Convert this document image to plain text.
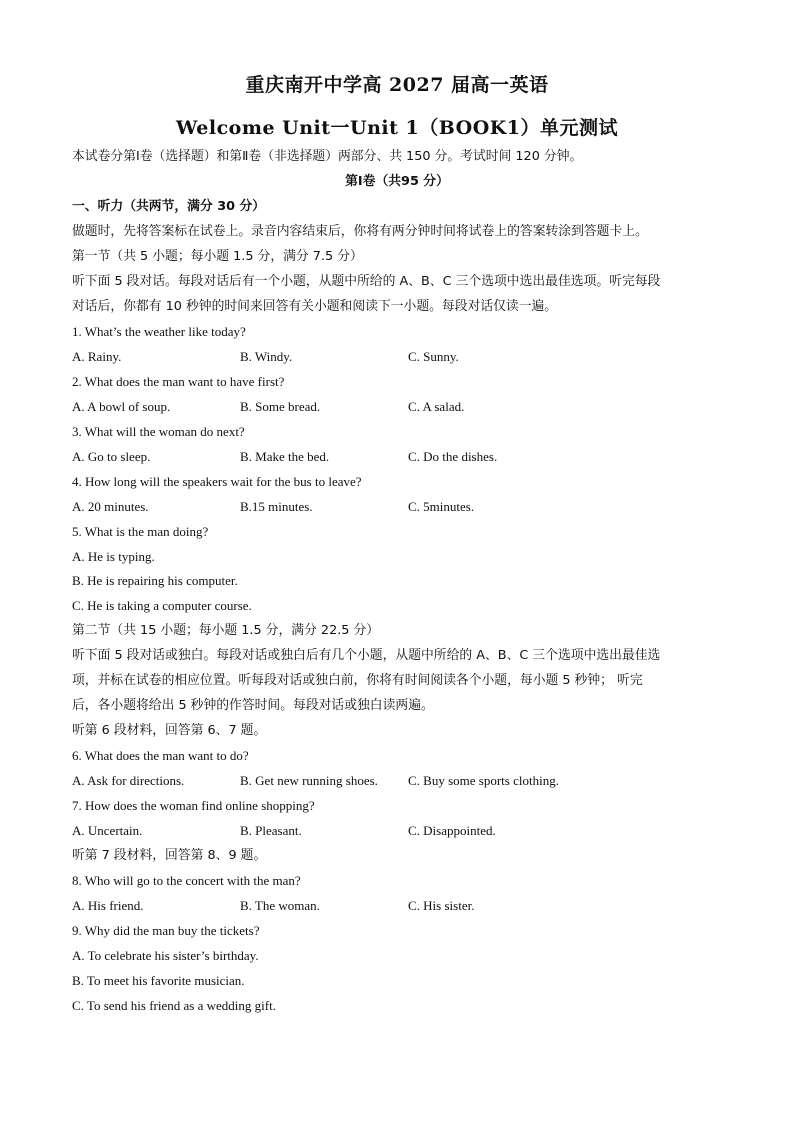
重庆南开中学高 2027 届高一英语
Welcome Unit一Unit 1（BOOK1）单元测试
本试卷分第Ⅰ卷（选择题）和第Ⅱ卷（非选择题）两部分、共 150 分。考试时间 120 分钟。
第Ⅰ卷（共95 分）
一、听力（共两节，满分 30 分）
做题时，先将答案标在试卷上。录音内容结束后，你将有两分钟时间将试卷上的答案转涂到答题卡上。
第一节（共 5 小题；每小题 1.5 分，满分 7.5 分）
听下面 5 段对话。每段对话后有一个小题，从题中所给的 A、B、C 三个选项中选出最佳选项。听完每段
对话后，你都有 10 秒钟的时间来回答有关小题和阅读下一小题。每段对话仅读一遍。
1. What’s the weather like today?
A. Rainy.	B. Windy.	C. Sunny.
2. What does the man want to have first?
A. A bowl of soup.	B. Some bread.	C. A salad.
3. What will the woman do next?
A. Go to sleep.	B. Make the bed.	C. Do the dishes.
4. How long will the speakers wait for the bus to leave?
A. 20 minutes.	B.15 minutes.	C. 5minutes.
5. What is the man doing?
A. He is typing.
B. He is repairing his computer.
C. He is taking a computer course.
第二节（共 15 小题；每小题 1.5 分，满分 22.5 分）
听下面 5 段对话或独白。每段对话或独白后有几个小题，从题中所给的 A、B、C 三个选项中选出最佳选
项，并标在试卷的相应位置。听每段对话或独白前，你将有时间阅读各个小题，每小题 5 秒钟； 听完
后，各小题将给出 5 秒钟的作答时间。每段对话或独白读两遍。
听第 6 段材料，回答第 6、7 题。
6. What does the man want to do?
A. Ask for directions.	B. Get new running shoes. C. Buy some sports clothing.
7. How does the woman find online shopping?
A. Uncertain.	B. Pleasant.	C. Disappointed.
听第 7 段材料，回答第 8、9 题。
8. Who will go to the concert with the man?
A. His friend.	B. The woman.	C. His sister.
9. Why did the man buy the tickets?
A. To celebrate his sister’s birthday.
B. To meet his favorite musician.
C. To send his friend as a wedding gift.
